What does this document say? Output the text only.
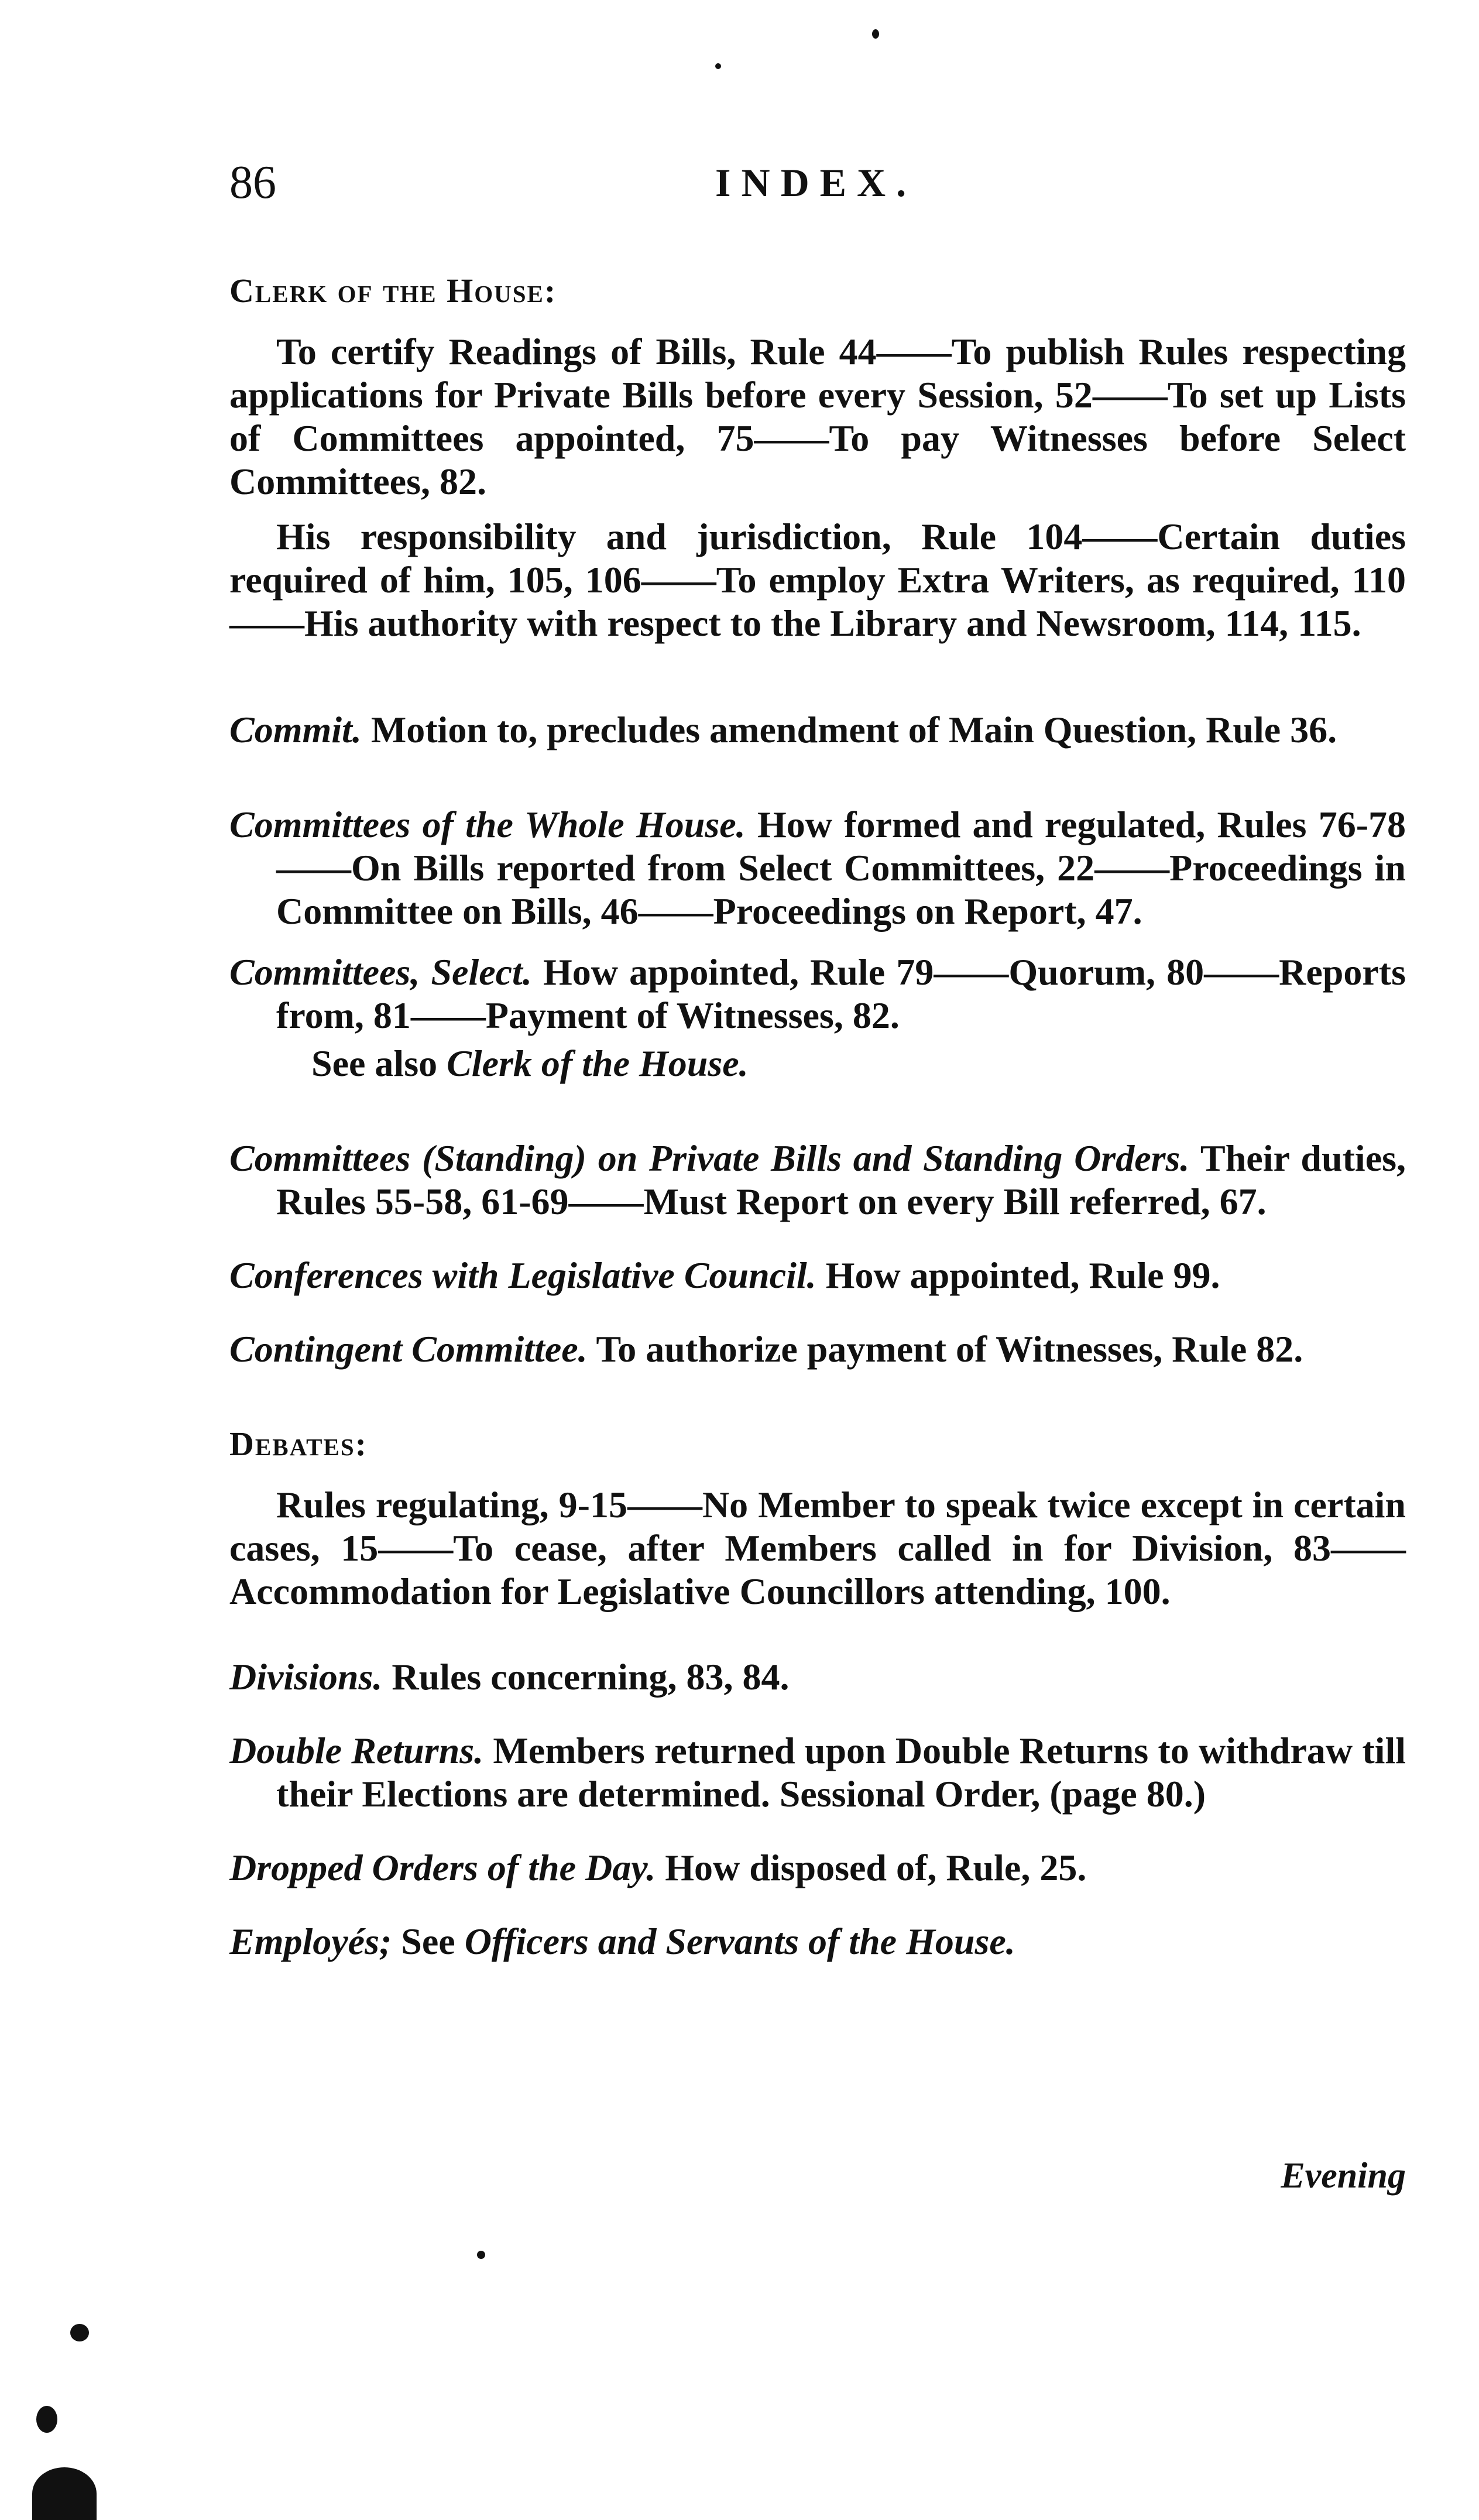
86	INDEX.
Clerk of the House:

To certify Readings of Bills, Rule 44——To publish Rules respecting applications for Private Bills before every Session, 52——To set up Lists of Committees appointed, 75——To pay Witnesses before Select Committees, 82.

His responsibility and jurisdiction, Rule 104——Certain duties required of him, 105, 106——To employ Extra Writers, as required, 110——His authority with respect to the Library and Newsroom, 114, 115.

Commit. Motion to, precludes amendment of Main Question, Rule 36.

Committees of the Whole House. How formed and regulated, Rules 76-78——On Bills reported from Select Committees, 22——Proceedings in Committee on Bills, 46——Proceedings on Report, 47.

Committees, Select. How appointed, Rule 79——Quorum, 80——Reports from, 81——Payment of Witnesses, 82.

See also Clerk of the House.

Committees (Standing) on Private Bills and Standing Orders. Their duties, Rules 55-58, 61-69——Must Report on every Bill referred, 67.

Conferences with Legislative Council. How appointed, Rule 99.

Contingent Committee. To authorize payment of Witnesses, Rule 82.

Debates:

Rules regulating, 9-15——No Member to speak twice except in certain cases, 15——To cease, after Members called in for Division, 83——Accommodation for Legislative Councillors attending, 100.

Divisions. Rules concerning, 83, 84.

Double Returns. Members returned upon Double Returns to withdraw till their Elections are determined. Sessional Order, (page 80.)

Dropped Orders of the Day. How disposed of, Rule, 25.

Employés; See Officers and Servants of the House.

Evening
